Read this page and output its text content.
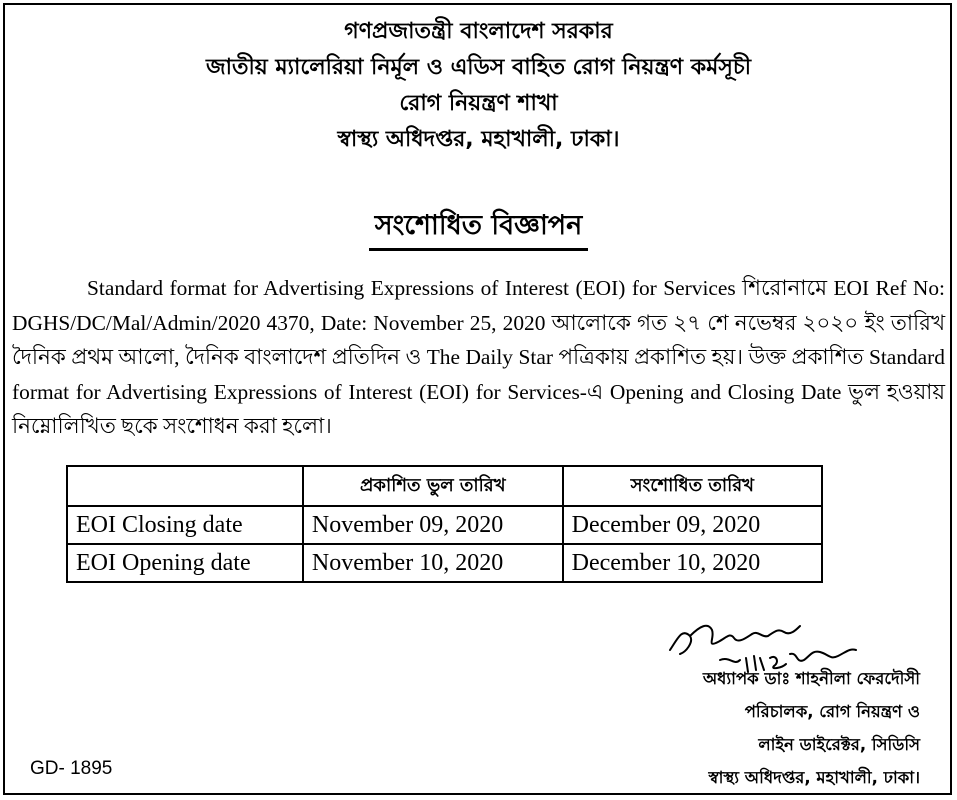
গণপ্রজাতন্ত্রী বাংলাদেশ সরকার
জাতীয় ম্যালেরিয়া নির্মূল ও এডিস বাহিত রোগ নিয়ন্ত্রণ কর্মসূচী
রোগ নিয়ন্ত্রণ শাখা
স্বাস্থ্য অধিদপ্তর, মহাখালী, ঢাকা।
সংশোধিত বিজ্ঞাপন
Standard format for Advertising Expressions of Interest (EOI) for Services শিরোনামে EOI Ref No: DGHS/DC/Mal/Admin/2020 4370, Date: November 25, 2020 আলোকে গত ২৭ শে নভেম্বর ২০২০ ইং তারিখ দৈনিক প্রথম আলো, দৈনিক বাংলাদেশ প্রতিদিন ও The Daily Star পত্রিকায় প্রকাশিত হয়। উক্ত প্রকাশিত Standard format for Advertising Expressions of Interest (EOI) for Services-এ Opening and Closing Date ভুল হওয়ায় নিম্নোলিখিত ছকে সংশোধন করা হলো।
	প্রকাশিত ভুল তারিখ	সংশোধিত তারিখ
EOI Closing date	November 09, 2020	December 09, 2020
EOI Opening date	November 10, 2020	December 10, 2020
অধ্যাপক ডাঃ শাহনীলা ফেরদৌসী
পরিচালক, রোগ নিয়ন্ত্রণ ও
লাইন ডাইরেক্টর, সিডিসি
স্বাস্থ্য অধিদপ্তর, মহাখালী, ঢাকা।
GD- 1895
